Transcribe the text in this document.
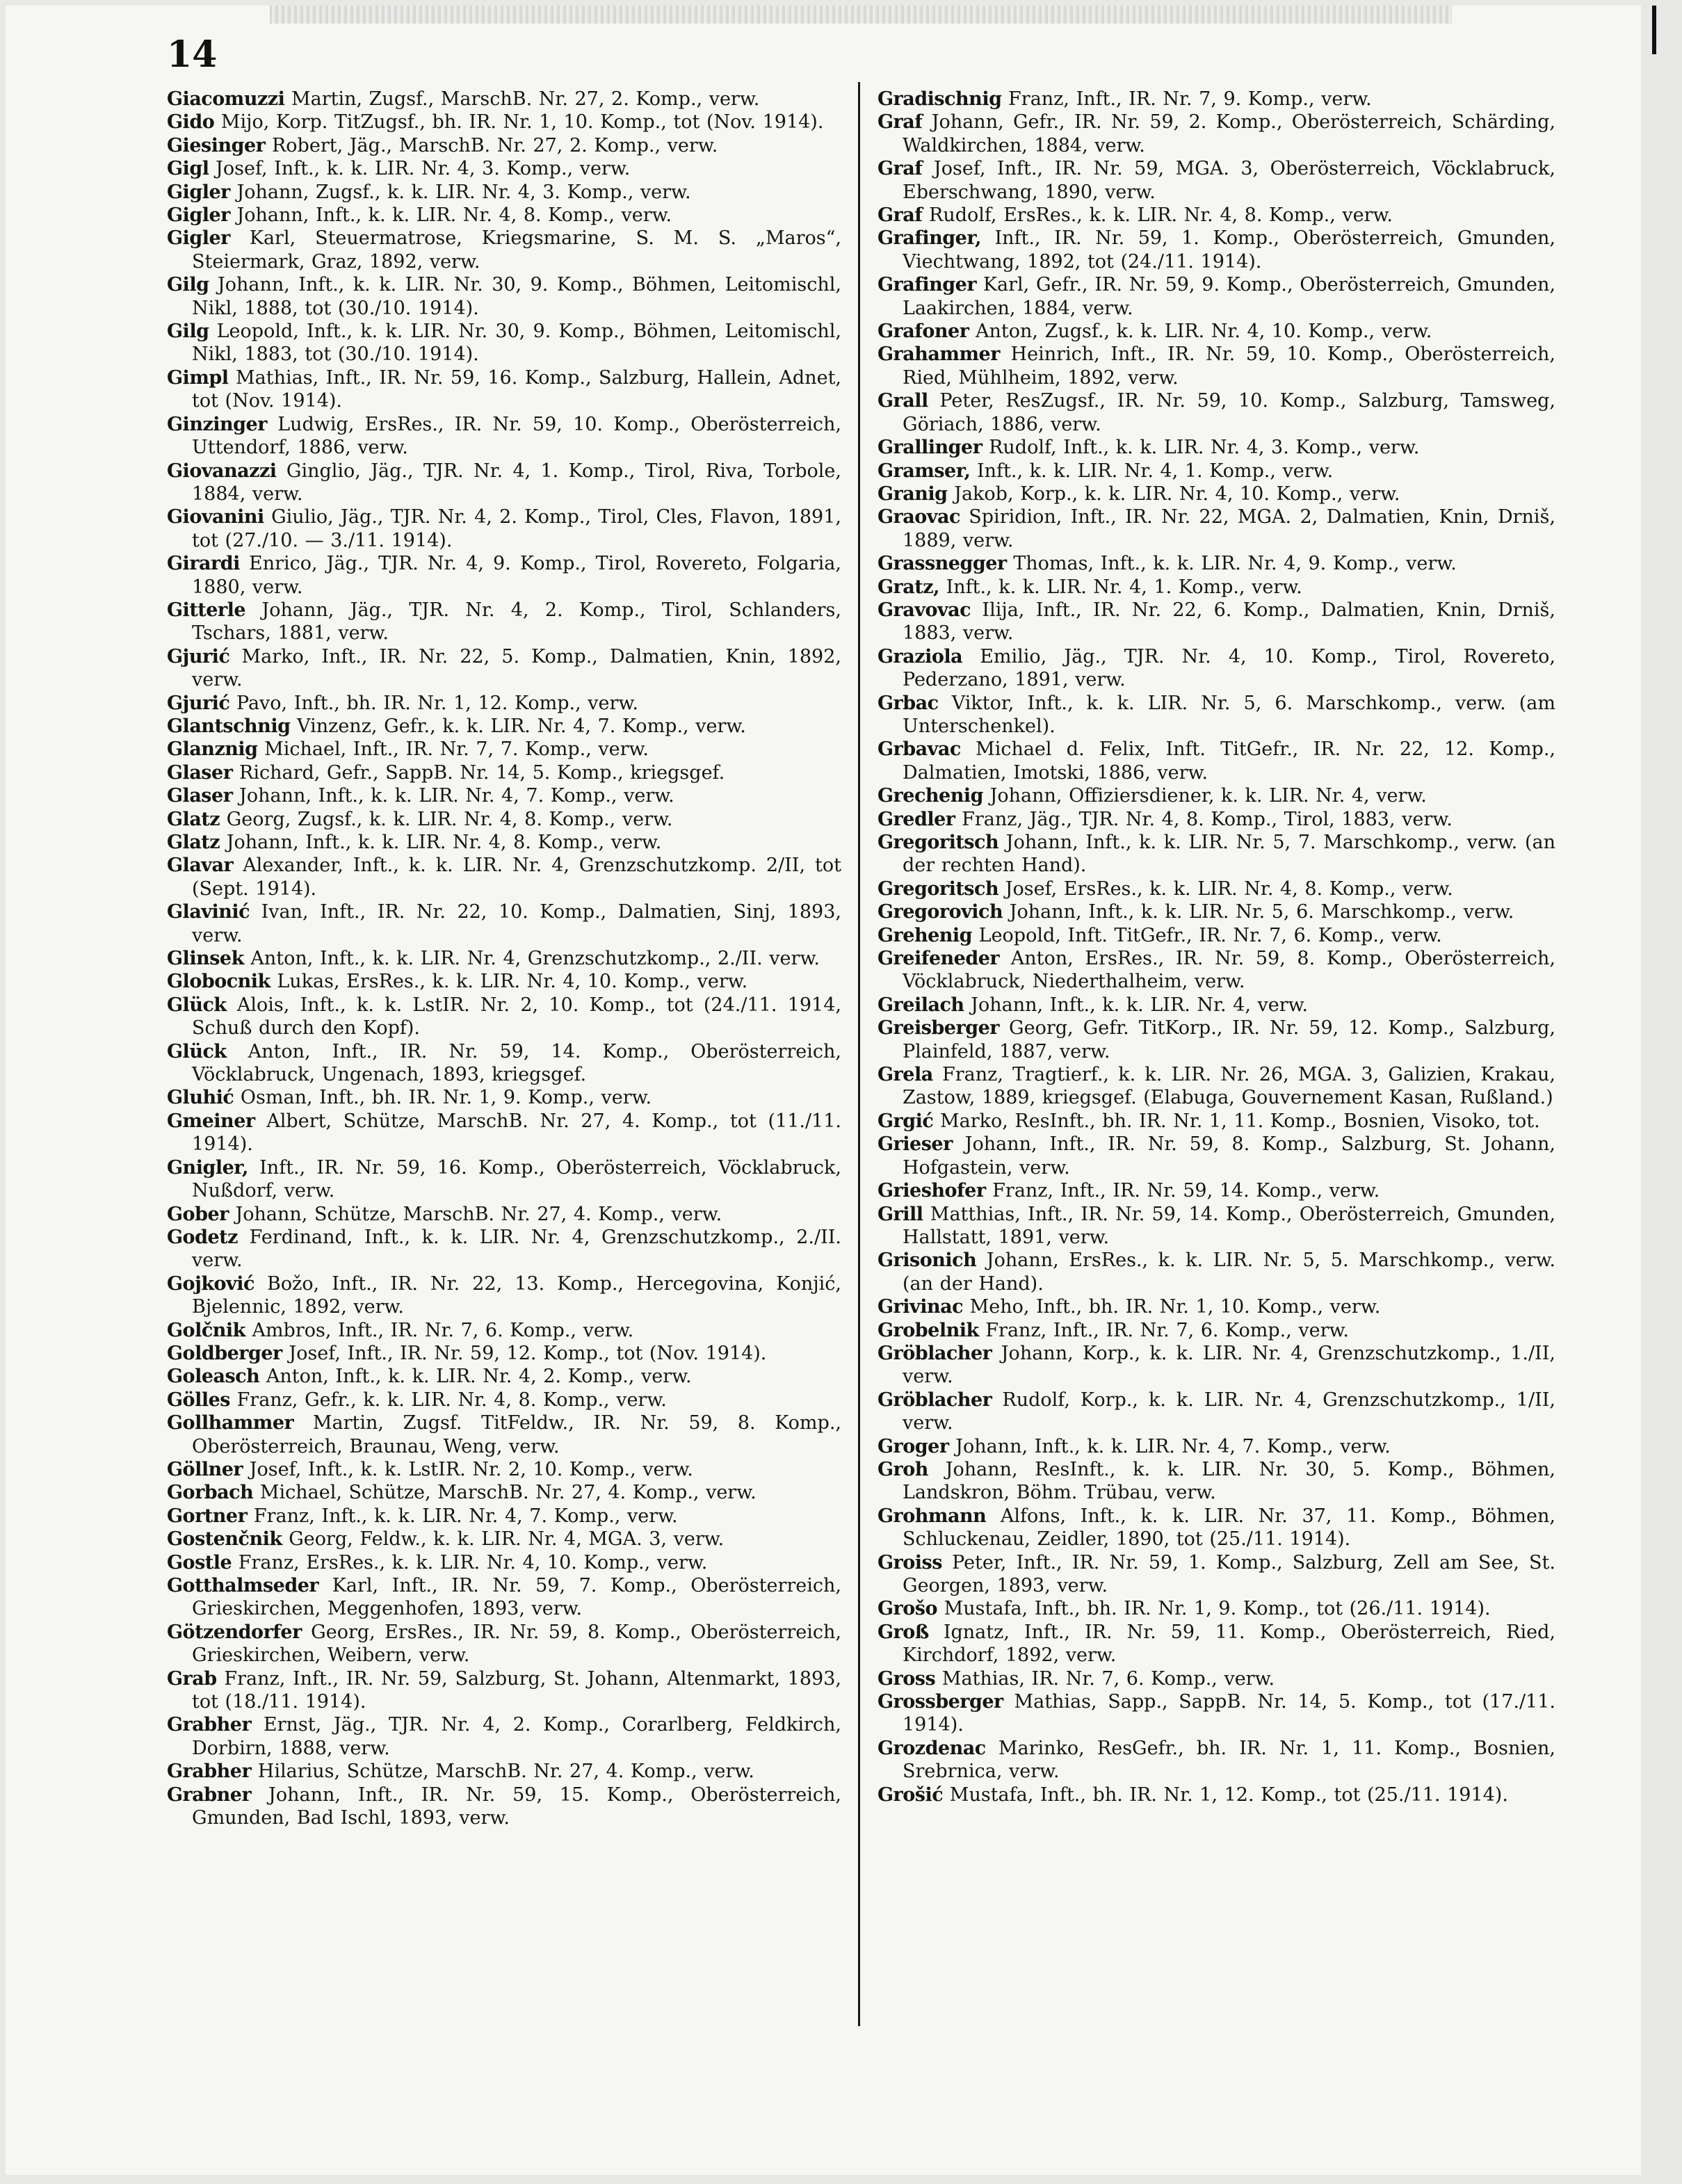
14

Giacomuzzi Martin, Zugsf., MarschB. Nr. 27, 2. Komp., verw.

Gido Mijo, Korp. TitZugsf., bh. IR. Nr. 1, 10. Komp., tot (Nov. 1914).

Giesinger Robert, Jäg., MarschB. Nr. 27, 2. Komp., verw.

Gigl Josef, Inft., k. k. LIR. Nr. 4, 3. Komp., verw.

Gigler Johann, Zugsf., k. k. LIR. Nr. 4, 3. Komp., verw.

Gigler Johann, Inft., k. k. LIR. Nr. 4, 8. Komp., verw.

Gigler Karl, Steuermatrose, Kriegsmarine, S. M. S. „Maros“, Steiermark, Graz, 1892, verw.

Gilg Johann, Inft., k. k. LIR. Nr. 30, 9. Komp., Böhmen, Leitomischl, Nikl, 1888, tot (30./10. 1914).

Gilg Leopold, Inft., k. k. LIR. Nr. 30, 9. Komp., Böhmen, Leitomischl, Nikl, 1883, tot (30./10. 1914).

Gimpl Mathias, Inft., IR. Nr. 59, 16. Komp., Salzburg, Hallein, Adnet, tot (Nov. 1914).

Ginzinger Ludwig, ErsRes., IR. Nr. 59, 10. Komp., Oberösterreich, Uttendorf, 1886, verw.

Giovanazzi Ginglio, Jäg., TJR. Nr. 4, 1. Komp., Tirol, Riva, Torbole, 1884, verw.

Giovanini Giulio, Jäg., TJR. Nr. 4, 2. Komp., Tirol, Cles, Flavon, 1891, tot (27./10. — 3./11. 1914).

Girardi Enrico, Jäg., TJR. Nr. 4, 9. Komp., Tirol, Rovereto, Folgaria, 1880, verw.

Gitterle Johann, Jäg., TJR. Nr. 4, 2. Komp., Tirol, Schlanders, Tschars, 1881, verw.

Gjurić Marko, Inft., IR. Nr. 22, 5. Komp., Dalmatien, Knin, 1892, verw.

Gjurić Pavo, Inft., bh. IR. Nr. 1, 12. Komp., verw.

Glantschnig Vinzenz, Gefr., k. k. LIR. Nr. 4, 7. Komp., verw.

Glanznig Michael, Inft., IR. Nr. 7, 7. Komp., verw.

Glaser Richard, Gefr., SappB. Nr. 14, 5. Komp., kriegsgef.

Glaser Johann, Inft., k. k. LIR. Nr. 4, 7. Komp., verw.

Glatz Georg, Zugsf., k. k. LIR. Nr. 4, 8. Komp., verw.

Glatz Johann, Inft., k. k. LIR. Nr. 4, 8. Komp., verw.

Glavar Alexander, Inft., k. k. LIR. Nr. 4, Grenzschutzkomp. 2/II, tot (Sept. 1914).

Glavinić Ivan, Inft., IR. Nr. 22, 10. Komp., Dalmatien, Sinj, 1893, verw.

Glinsek Anton, Inft., k. k. LIR. Nr. 4, Grenzschutzkomp., 2./II. verw.

Globocnik Lukas, ErsRes., k. k. LIR. Nr. 4, 10. Komp., verw.

Glück Alois, Inft., k. k. LstIR. Nr. 2, 10. Komp., tot (24./11. 1914, Schuß durch den Kopf).

Glück Anton, Inft., IR. Nr. 59, 14. Komp., Oberösterreich, Vöcklabruck, Ungenach, 1893, kriegsgef.

Gluhić Osman, Inft., bh. IR. Nr. 1, 9. Komp., verw.

Gmeiner Albert, Schütze, MarschB. Nr. 27, 4. Komp., tot (11./11. 1914).

Gnigler, Inft., IR. Nr. 59, 16. Komp., Oberösterreich, Vöcklabruck, Nußdorf, verw.

Gober Johann, Schütze, MarschB. Nr. 27, 4. Komp., verw.

Godetz Ferdinand, Inft., k. k. LIR. Nr. 4, Grenzschutzkomp., 2./II. verw.

Gojković Božo, Inft., IR. Nr. 22, 13. Komp., Hercegovina, Konjić, Bjelennic, 1892, verw.

Golčnik Ambros, Inft., IR. Nr. 7, 6. Komp., verw.

Goldberger Josef, Inft., IR. Nr. 59, 12. Komp., tot (Nov. 1914).

Goleasch Anton, Inft., k. k. LIR. Nr. 4, 2. Komp., verw.

Gölles Franz, Gefr., k. k. LIR. Nr. 4, 8. Komp., verw.

Gollhammer Martin, Zugsf. TitFeldw., IR. Nr. 59, 8. Komp., Oberösterreich, Braunau, Weng, verw.

Göllner Josef, Inft., k. k. LstIR. Nr. 2, 10. Komp., verw.

Gorbach Michael, Schütze, MarschB. Nr. 27, 4. Komp., verw.

Gortner Franz, Inft., k. k. LIR. Nr. 4, 7. Komp., verw.

Gostenčnik Georg, Feldw., k. k. LIR. Nr. 4, MGA. 3, verw.

Gostle Franz, ErsRes., k. k. LIR. Nr. 4, 10. Komp., verw.

Gotthalmseder Karl, Inft., IR. Nr. 59, 7. Komp., Oberösterreich, Grieskirchen, Meggenhofen, 1893, verw.

Götzendorfer Georg, ErsRes., IR. Nr. 59, 8. Komp., Oberösterreich, Grieskirchen, Weibern, verw.

Grab Franz, Inft., IR. Nr. 59, Salzburg, St. Johann, Altenmarkt, 1893, tot (18./11. 1914).

Grabher Ernst, Jäg., TJR. Nr. 4, 2. Komp., Corarlberg, Feldkirch, Dorbirn, 1888, verw.

Grabher Hilarius, Schütze, MarschB. Nr. 27, 4. Komp., verw.

Grabner Johann, Inft., IR. Nr. 59, 15. Komp., Oberösterreich, Gmunden, Bad Ischl, 1893, verw.

Gradischnig Franz, Inft., IR. Nr. 7, 9. Komp., verw.

Graf Johann, Gefr., IR. Nr. 59, 2. Komp., Oberösterreich, Schärding, Waldkirchen, 1884, verw.

Graf Josef, Inft., IR. Nr. 59, MGA. 3, Oberösterreich, Vöcklabruck, Eberschwang, 1890, verw.

Graf Rudolf, ErsRes., k. k. LIR. Nr. 4, 8. Komp., verw.

Grafinger, Inft., IR. Nr. 59, 1. Komp., Oberösterreich, Gmunden, Viechtwang, 1892, tot (24./11. 1914).

Grafinger Karl, Gefr., IR. Nr. 59, 9. Komp., Oberösterreich, Gmunden, Laakirchen, 1884, verw.

Grafoner Anton, Zugsf., k. k. LIR. Nr. 4, 10. Komp., verw.

Grahammer Heinrich, Inft., IR. Nr. 59, 10. Komp., Oberösterreich, Ried, Mühlheim, 1892, verw.

Grall Peter, ResZugsf., IR. Nr. 59, 10. Komp., Salzburg, Tamsweg, Göriach, 1886, verw.

Grallinger Rudolf, Inft., k. k. LIR. Nr. 4, 3. Komp., verw.

Gramser, Inft., k. k. LIR. Nr. 4, 1. Komp., verw.

Granig Jakob, Korp., k. k. LIR. Nr. 4, 10. Komp., verw.

Graovac Spiridion, Inft., IR. Nr. 22, MGA. 2, Dalmatien, Knin, Drniš, 1889, verw.

Grassnegger Thomas, Inft., k. k. LIR. Nr. 4, 9. Komp., verw.

Gratz, Inft., k. k. LIR. Nr. 4, 1. Komp., verw.

Gravovac Ilija, Inft., IR. Nr. 22, 6. Komp., Dalmatien, Knin, Drniš, 1883, verw.

Graziola Emilio, Jäg., TJR. Nr. 4, 10. Komp., Tirol, Rovereto, Pederzano, 1891, verw.

Grbac Viktor, Inft., k. k. LIR. Nr. 5, 6. Marschkomp., verw. (am Unterschenkel).

Grbavac Michael d. Felix, Inft. TitGefr., IR. Nr. 22, 12. Komp., Dalmatien, Imotski, 1886, verw.

Grechenig Johann, Offiziersdiener, k. k. LIR. Nr. 4, verw.

Gredler Franz, Jäg., TJR. Nr. 4, 8. Komp., Tirol, 1883, verw.

Gregoritsch Johann, Inft., k. k. LIR. Nr. 5, 7. Marschkomp., verw. (an der rechten Hand).

Gregoritsch Josef, ErsRes., k. k. LIR. Nr. 4, 8. Komp., verw.

Gregorovich Johann, Inft., k. k. LIR. Nr. 5, 6. Marschkomp., verw.

Grehenig Leopold, Inft. TitGefr., IR. Nr. 7, 6. Komp., verw.

Greifeneder Anton, ErsRes., IR. Nr. 59, 8. Komp., Oberösterreich, Vöcklabruck, Niederthalheim, verw.

Greilach Johann, Inft., k. k. LIR. Nr. 4, verw.

Greisberger Georg, Gefr. TitKorp., IR. Nr. 59, 12. Komp., Salzburg, Plainfeld, 1887, verw.

Grela Franz, Tragtierf., k. k. LIR. Nr. 26, MGA. 3, Galizien, Krakau, Zastow, 1889, kriegsgef. (Elabuga, Gouvernement Kasan, Rußland.)

Grgić Marko, ResInft., bh. IR. Nr. 1, 11. Komp., Bosnien, Visoko, tot.

Grieser Johann, Inft., IR. Nr. 59, 8. Komp., Salzburg, St. Johann, Hofgastein, verw.

Grieshofer Franz, Inft., IR. Nr. 59, 14. Komp., verw.

Grill Matthias, Inft., IR. Nr. 59, 14. Komp., Oberösterreich, Gmunden, Hallstatt, 1891, verw.

Grisonich Johann, ErsRes., k. k. LIR. Nr. 5, 5. Marschkomp., verw. (an der Hand).

Grivinac Meho, Inft., bh. IR. Nr. 1, 10. Komp., verw.

Grobelnik Franz, Inft., IR. Nr. 7, 6. Komp., verw.

Gröblacher Johann, Korp., k. k. LIR. Nr. 4, Grenzschutzkomp., 1./II, verw.

Gröblacher Rudolf, Korp., k. k. LIR. Nr. 4, Grenzschutzkomp., 1/II, verw.

Groger Johann, Inft., k. k. LIR. Nr. 4, 7. Komp., verw.

Groh Johann, ResInft., k. k. LIR. Nr. 30, 5. Komp., Böhmen, Landskron, Böhm. Trübau, verw.

Grohmann Alfons, Inft., k. k. LIR. Nr. 37, 11. Komp., Böhmen, Schluckenau, Zeidler, 1890, tot (25./11. 1914).

Groiss Peter, Inft., IR. Nr. 59, 1. Komp., Salzburg, Zell am See, St. Georgen, 1893, verw.

Grošo Mustafa, Inft., bh. IR. Nr. 1, 9. Komp., tot (26./11. 1914).

Groß Ignatz, Inft., IR. Nr. 59, 11. Komp., Oberösterreich, Ried, Kirchdorf, 1892, verw.

Gross Mathias, IR. Nr. 7, 6. Komp., verw.

Grossberger Mathias, Sapp., SappB. Nr. 14, 5. Komp., tot (17./11. 1914).

Grozdenac Marinko, ResGefr., bh. IR. Nr. 1, 11. Komp., Bosnien, Srebrnica, verw.

Grošić Mustafa, Inft., bh. IR. Nr. 1, 12. Komp., tot (25./11. 1914).
